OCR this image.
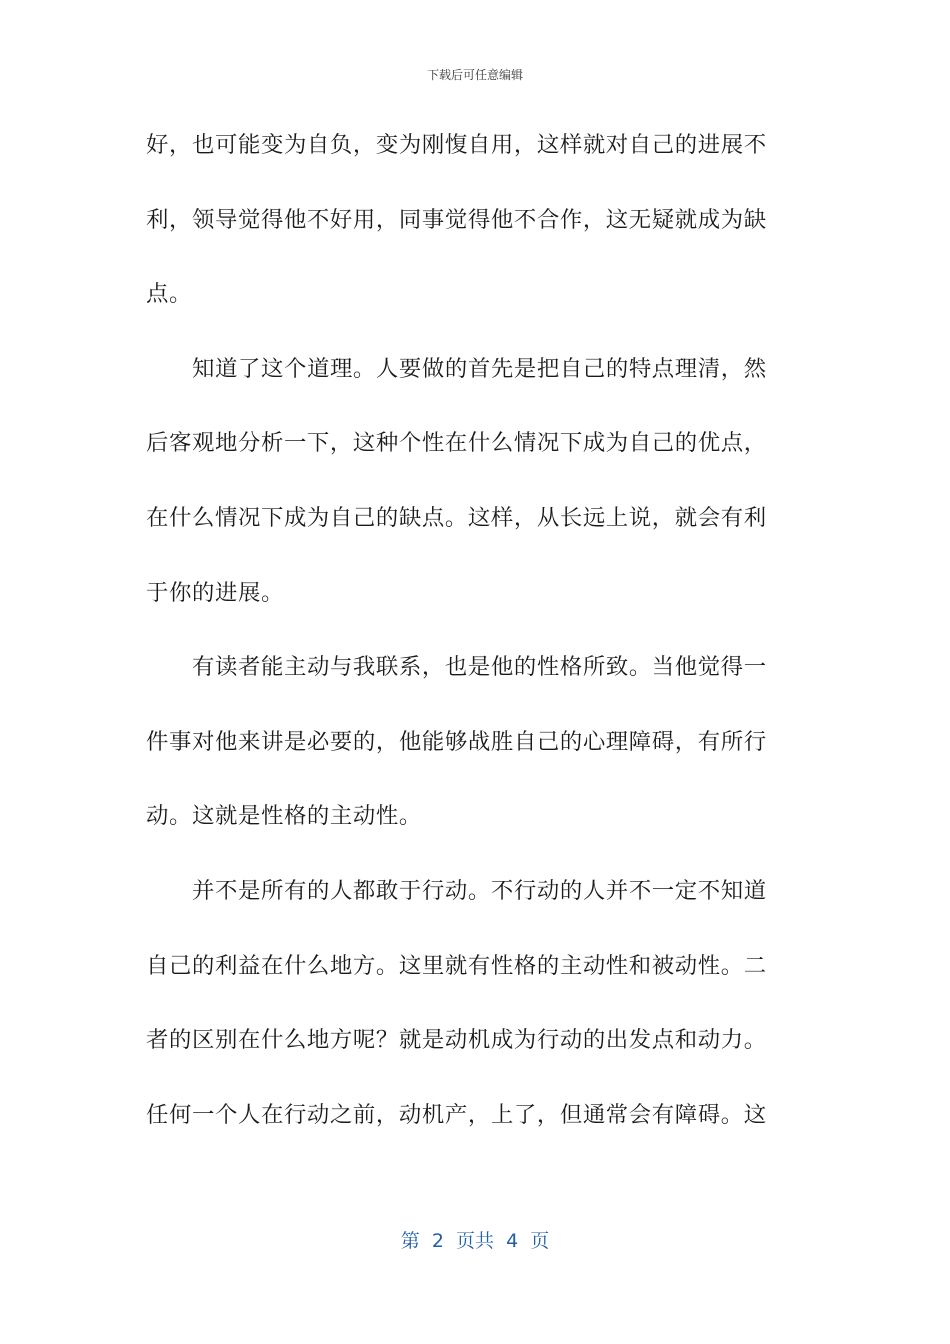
下载后可任意编辑
好，也可能变为自负，变为刚愎自用，这样就对自己的进展不
利，领导觉得他不好用，同事觉得他不合作，这无疑就成为缺
点。
知道了这个道理。人要做的首先是把自己的特点理清，然
后客观地分析一下，这种个性在什么情况下成为自己的优点，
在什么情况下成为自己的缺点。这样，从长远上说，就会有利
于你的进展。
有读者能主动与我联系，也是他的性格所致。当他觉得一
件事对他来讲是必要的，他能够战胜自己的心理障碍，有所行
动。这就是性格的主动性。
并不是所有的人都敢于行动。不行动的人并不一定不知道
自己的利益在什么地方。这里就有性格的主动性和被动性。二
者的区别在什么地方呢？就是动机成为行动的出发点和动力。
任何一个人在行动之前，动机产，上了，但通常会有障碍。这
第  2  页共  4  页
